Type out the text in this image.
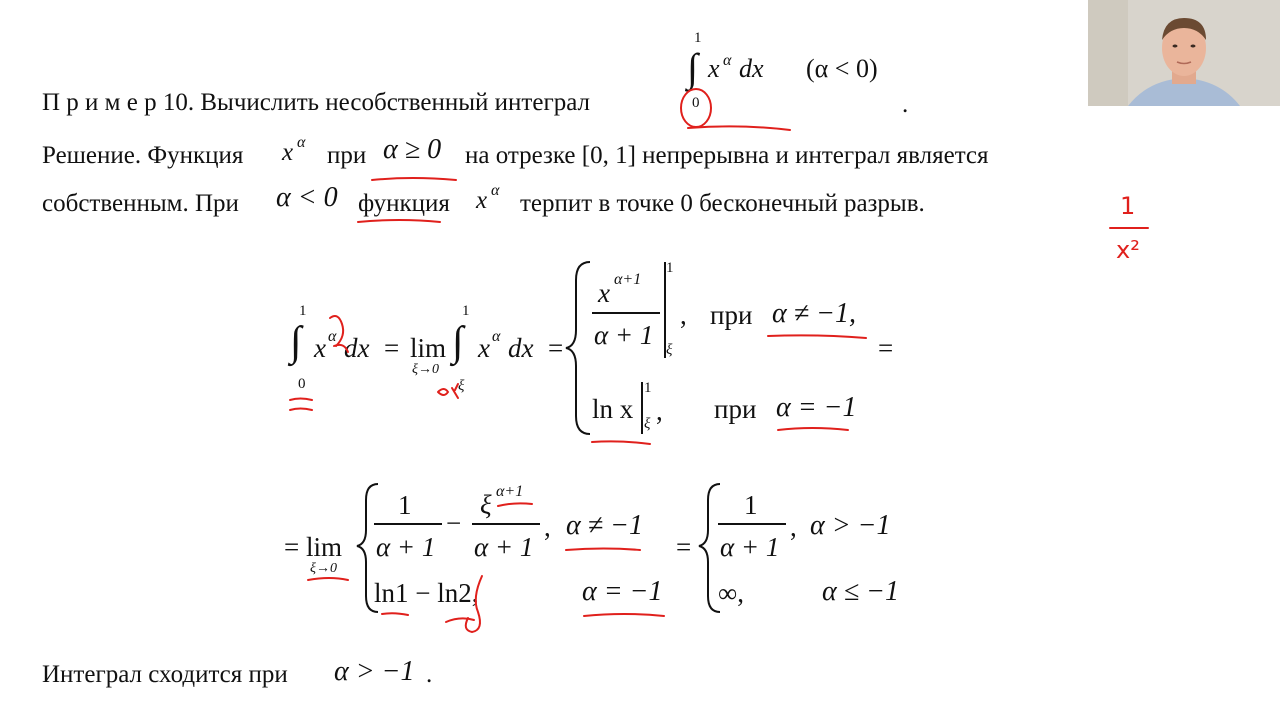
1
∫ x α dx (α < 0)
0
П р и м е р 10. Вычислить несобственный интеграл	.
Решение. Функция x α при α ≥ 0 на отрезке [0, 1] непрерывна и интеграл является
собственным. При α < 0 функция x α терпит в точке 0 бесконечный разрыв.
1
∫
0
x α dx = lim
ξ→0
1
∫
ξ
x α dx =
x α+1
α + 1
1
ξ
, при α ≠ −1,
ln x
1
ξ , при α = −1
=
= lim
ξ→0
1
α + 1
−
ξ α+1
α + 1
, α ≠ −1
ln1 − ln2,	α = −1
=
1
α + 1
, α > −1
∞,	α ≤ −1
Интеграл сходится при α > −1 .
1
x²
